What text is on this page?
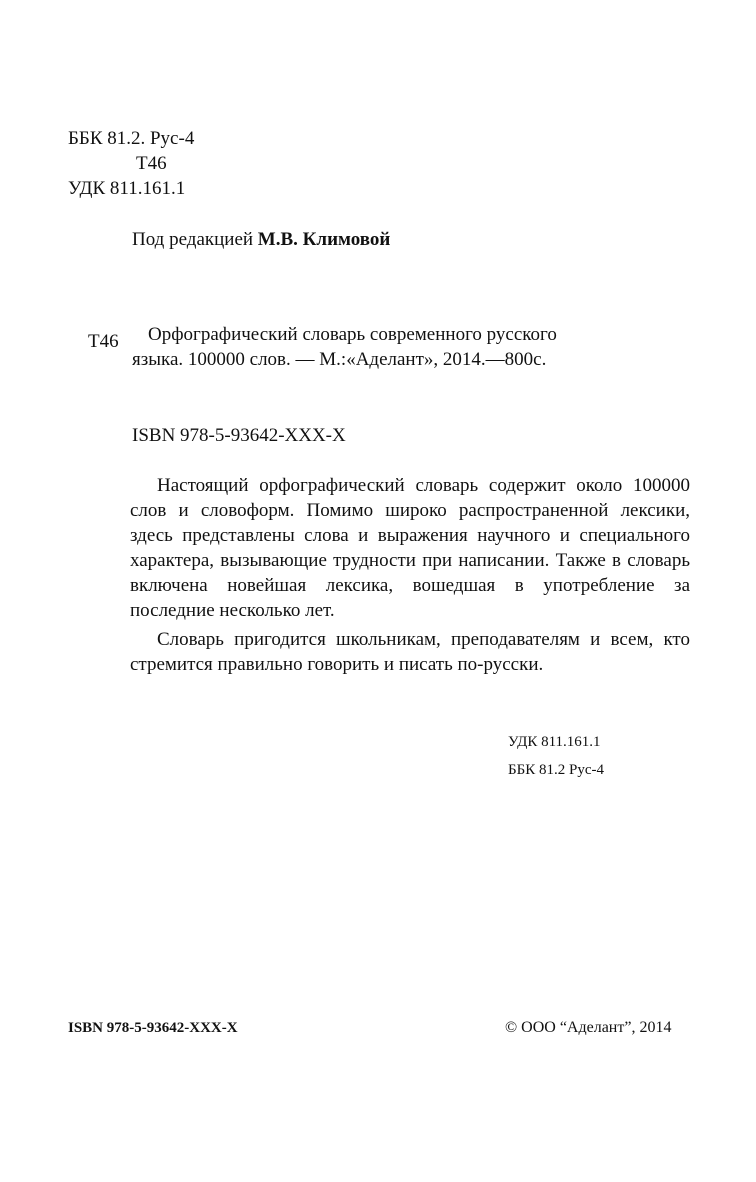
ББК 81.2. Рус-4
Т46
УДК 811.161.1
Под редакцией М.В. Климовой
Т46	Орфографический словарь современного русского
языка. 100000 слов. — М.:«Аделант», 2014.—800с.
ISBN 978-5-93642-XXX-X

Настоящий орфографический словарь содержит около 100000 слов и словоформ. Помимо широко распространенной лексики, здесь представлены слова и выражения научного и специального характера, вызывающие трудности при написании. Также в словарь включена новейшая лексика, вошедшая в употребление за последние несколько лет.

Словарь пригодится школьникам, преподавателям и всем, кто стремится правильно говорить и писать по-русски.

УДК 811.161.1
ББК 81.2 Рус-4
ISBN 978-5-93642-XXX-X	© ООО “Аделант”, 2014
